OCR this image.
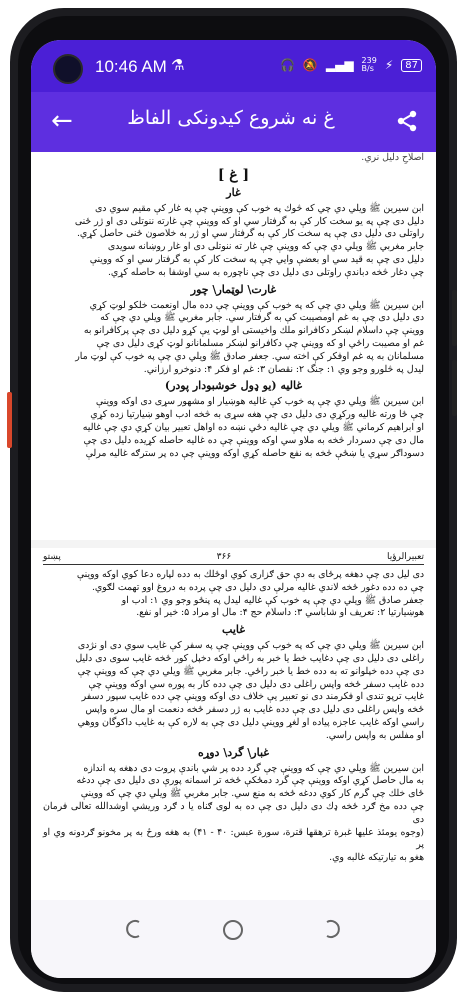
10:46 AM ⚗	🎧 🔕 ▂▄▆ 239
B/s ⚡	87
←	غ نه شروع کیدونکی الفاظ

اصلاحِ دليل نري.

[ غ ]
غار

ابن سيرين ﷺ ويلي دي چي که څوك په خوب کې ووينې چې په غار کې مقيم سوي دی

دليل دی چې په يو سخت کار کې به گرفتار سي او که ووينې چې غارته ننوتلی دی او ژر ځنی

راوتلی دی دليل دی چې په سخت کار کې به گرفتار سي او ژر به خلاصون ځنی حاصل کړي.

جابر مغربي ﷺ ويلي دي چې که ووينې چې غار ته ننوتلی دی او غار روښانه سويدی

دليل دی چې به قيد سي او بعضې وايي چې په سخت کار کې به گرفتار سي او که ووينې

چې دغار څخه دباندې راوتلی دی دليل دی چې ناچوره به سي اوشفا به حاصله کړي.

غارت\ لوټمار\ چور

ابن سيرين ﷺ ويلي دي چې که په خوب کې ووينې چې دده مال اونعمت خلکو لوټ کړي

دی دليل دی چې به غم اومصيبت کې به گرفتار سي. جابر مغربي ﷺ ويلي دي چې که

ووينې چې داسلام لښکر دکافرانو ملك واخيستی او لوټ يې کړو دليل دی چې پرکافرانو به

غم او مصيبت راځي او که ووينې چې دکافرانو لښکر مسلمانانو لوټ کړی دليل دی چې

مسلمانان به په غم اوفکر کې اخته سي. جعفر صادق ﷺ ويلي دي چې په خوب کې لوټ مار

ليدل په څلورو وجو وي ۱: جنگ ۲: نقصان ۳: غم او فکر ۴: دنوخرو ارزاني.

غاليه (يو ډول خوشبودار پودر)

ابن سيرين ﷺ ويلي دي چې په خوب کې غاليه هوښيار او مشهور سړی دی اوکه ووينې

چې ځا ورته غاليه ورکړي دی دليل دی چې هغه سړی به څخه ادب اوهو ښيارتيا زده کړي

او ابراهيم کرماني ﷺ ويلي دي چې غاليه دځي نښه ده اواهل تعبير بيان کړي دي چې غاليه

مال دی چې دسردار څخه به ملاو سي اوکه ووينې چې ده غاليه حاصله کړيده دليل دی چې

دسوداګر سړي يا ښځې څخه به نفع حاصله کړي اوکه ووينې چې ده پر سترګه غاليه مرلې

تعبيرالرؤيا
۳۶۶
پښتو

دی ليل دی چې دهغه پرځای به دې حق ګزاری کوي اوځلك به دده لپاره دعا کوي اوکه ووينې

چې ده دده دغور ځخه لاندي غاليه مرلې دی دليل دی چې پرده به دروغ اوو تهمت لګوي.

جعفر صادق ﷺ ويلي دي چې په خوب کې غاليه ليدل په پنځو وجو وي ۱: ادب او

هوښيارتيا ۲: تعريف او شاباسي ۳: داسلام حج ۴: مال او مراد ۵: خير او نفع.

غايب

ابن سيرين ﷺ ويلي دي چې که په خوب کې ووينې چې په سفر کې غايب سوي دی او نژدی

راغلی دی دليل دی چې دغايب خط يا خبر به راځي اوکه دخپل کور ځخه غايب سوی دی دليل

دی چې دده خپلوانو ته به دده خط يا خبر راځي. جابر مغربي ﷺ ويلي دي چې که ووينې چې

دده غايب دسفر ځخه واپس راغلی دی دليل دی چې دده کار به پوره سي اوکه ووينې چې

غايب ترپو تندی او فکرمند دی نو تعبير يې خلاف دی اوکه ووينې چې دده غايب سپور دسفر

ځخه واپس راغلی دی دليل دی چې دده غايب به ژر دسفر ځخه دنعمت او مال سره واپس

راسي اوکه غايب عاجزه پياده او لغړ ووينې دليل دی چې به لاره کې به غايب داکوگان ووهي

او مفلس به واپس راسي.

غبار\ گرد\ دوړه

ابن سيرين ﷺ ويلي دي چې که ووينې چې گرد دده پر شي باندې پروت دی دهغه په اندازه

به مال حاصل کړي اوکه ووينې چې گرد دمځکې ځخه تر اسمانه پورې دی دليل دی چې ددغه

ځای خلك چې گرم کار کوي ددغه ځخه به منع سي. جابر مغربي ﷺ ويلي دي چې که ووينې

چې دده مخ ګرد ځخه ډك دی دليل دی چې ده به لوی ګناه يا د ګرد وريشي اوشدالله تعالی فرمان دی

(وجوه يومئذ عليها غبرة ترهقها قترة، سورة عبس: ۴۰ - ۴۱) به هغه ورځ به پر مخونو ګردونه وي او پر

هغو به تيارتيکه غالبه وي.
